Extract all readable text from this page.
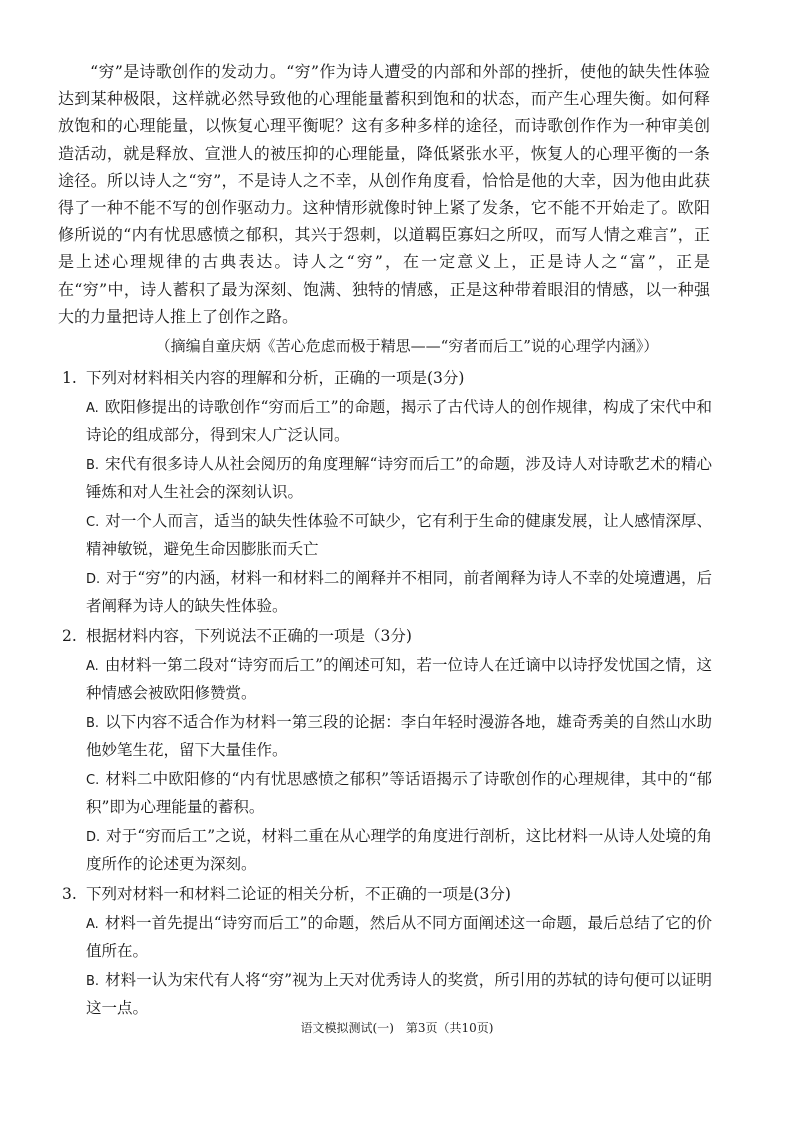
“穷”是诗歌创作的发动力。“穷”作为诗人遭受的内部和外部的挫折，使他的缺失性体验达到某种极限，这样就必然导致他的心理能量蓄积到饱和的状态，而产生心理失衡。如何释放饱和的心理能量，以恢复心理平衡呢？这有多种多样的途径，而诗歌创作作为一种审美创造活动，就是释放、宣泄人的被压抑的心理能量，降低紧张水平，恢复人的心理平衡的一条途径。所以诗人之“穷”，不是诗人之不幸，从创作角度看，恰恰是他的大幸，因为他由此获得了一种不能不写的创作驱动力。这种情形就像时钟上紧了发条，它不能不开始走了。欧阳修所说的“内有忧思感愤之郁积，其兴于怨刺，以道羁臣寡妇之所叹，而写人情之难言”，正是上述心理规律的古典表达。诗人之“穷”，在一定意义上，正是诗人之“富”，正是在“穷”中，诗人蓄积了最为深刻、饱满、独特的情感，正是这种带着眼泪的情感，以一种强大的力量把诗人推上了创作之路。

（摘编自童庆炳《苦心危虑而极于精思——“穷者而后工”说的心理学内涵》）

1. 下列对材料相关内容的理解和分析，正确的一项是(3分)

A. 欧阳修提出的诗歌创作“穷而后工”的命题，揭示了古代诗人的创作规律，构成了宋代中和诗论的组成部分，得到宋人广泛认同。

B. 宋代有很多诗人从社会阅历的角度理解“诗穷而后工”的命题，涉及诗人对诗歌艺术的精心锤炼和对人生社会的深刻认识。

C. 对一个人而言，适当的缺失性体验不可缺少，它有利于生命的健康发展，让人感情深厚、精神敏锐，避免生命因膨胀而夭亡

D. 对于“穷”的内涵，材料一和材料二的阐释并不相同，前者阐释为诗人不幸的处境遭遇，后者阐释为诗人的缺失性体验。

2. 根据材料内容，下列说法不正确的一项是（3分)

A. 由材料一第二段对“诗穷而后工”的阐述可知，若一位诗人在迁谪中以诗抒发忧国之情，这种情感会被欧阳修赞赏。

B. 以下内容不适合作为材料一第三段的论据：李白年轻时漫游各地，雄奇秀美的自然山水助他妙笔生花，留下大量佳作。

C. 材料二中欧阳修的“内有忧思感愤之郁积”等话语揭示了诗歌创作的心理规律，其中的“郁积”即为心理能量的蓄积。

D. 对于“穷而后工”之说，材料二重在从心理学的角度进行剖析，这比材料一从诗人处境的角度所作的论述更为深刻。

3. 下列对材料一和材料二论证的相关分析，不正确的一项是(3分)

A. 材料一首先提出“诗穷而后工”的命题，然后从不同方面阐述这一命题，最后总结了它的价值所在。

B. 材料一认为宋代有人将“穷”视为上天对优秀诗人的奖赏，所引用的苏轼的诗句便可以证明这一点。

语文模拟测试(一)　第3页（共10页)
